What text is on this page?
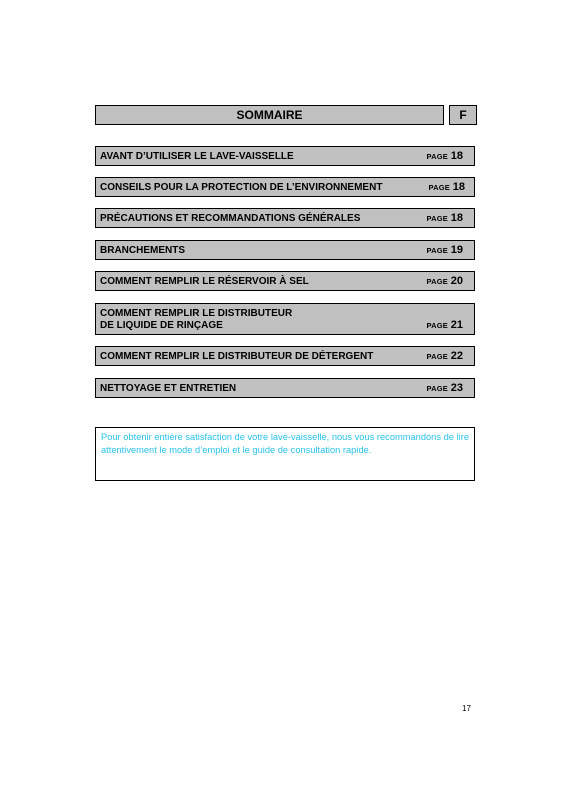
SOMMAIRE	F
AVANT D’UTILISER LE LAVE-VAISSELLE	PAGE 18
CONSEILS POUR LA PROTECTION DE L’ENVIRONNEMENT	PAGE 18
PRÉCAUTIONS ET RECOMMANDATIONS GÉNÉRALES	PAGE 18
BRANCHEMENTS	PAGE 19
COMMENT REMPLIR LE RÉSERVOIR À SEL	PAGE 20
COMMENT REMPLIR LE DISTRIBUTEUR
DE LIQUIDE DE RINÇAGE	PAGE 21
COMMENT REMPLIR LE DISTRIBUTEUR DE DÉTERGENT	PAGE 22
NETTOYAGE ET ENTRETIEN	PAGE 23
Pour obtenir entière satisfaction de votre lave-vaisselle, nous vous recommandons de lire attentivement le mode d’emploi et le guide de consultation rapide.
17
